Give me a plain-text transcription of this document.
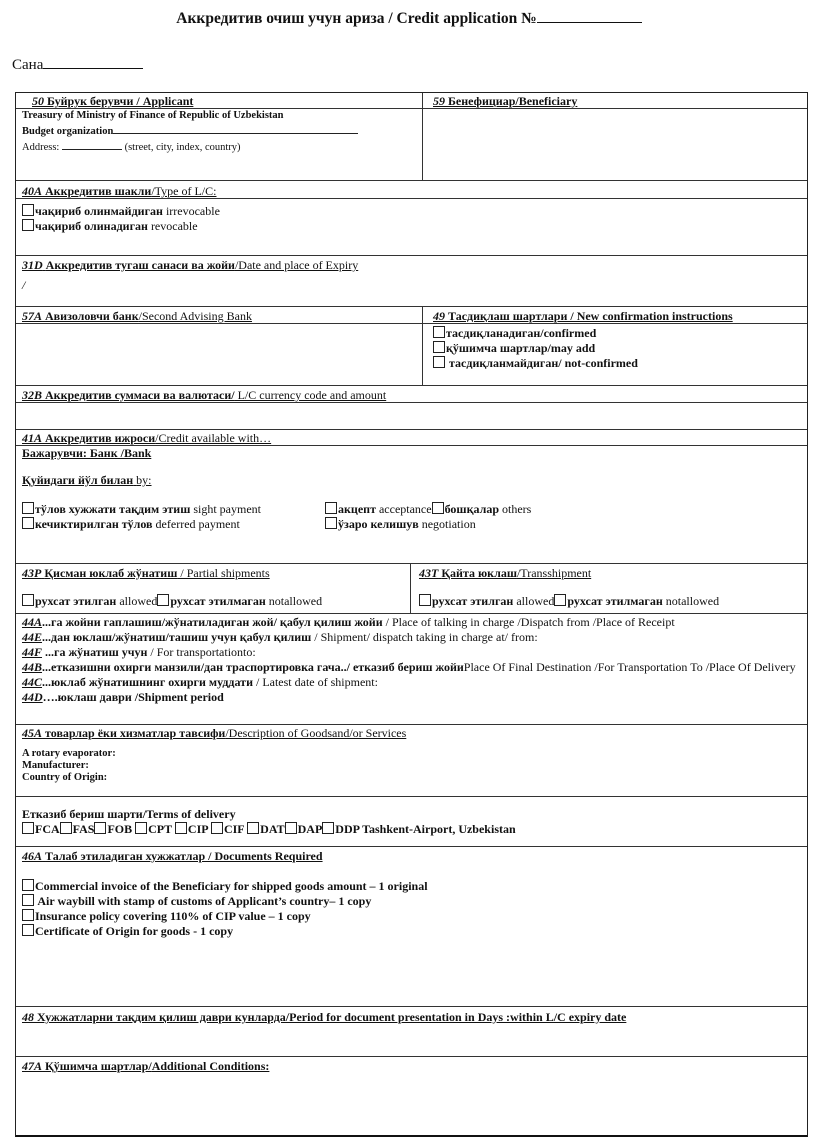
Аккредитив очиш учун ариза / Credit application №
Сана
50 Буйрук берувчи / Applicant
Treasury of Ministry of Finance of Republic of Uzbekistan
Budget organization
Address:	(street, city, index, country)
59 Бенефициар/Beneficiary
40A Аккредитив шакли/Type of L/C:
чақириб олинмайдиган irrevocable
чақириб олинадиган revocable
31D Аккредитив тугаш санаси ва жойи/Date and place of Expiry
/
57A Авизоловчи банк/Second Advising Bank	49 Тасдиқлаш шартлари / New confirmation instructions
тасдиқланадиган/confirmed
қўшимча шартлар/may add
тасдиқланмайдиган/ not-confirmed
32B Аккредитив суммаси ва валютаси/ L/C currency code and amount
41A Аккредитив ижроси/Credit available with…
Бажарувчи: Банк /Bank
Қуйидаги йўл билан by:
тўлов хужжати тақдим этиш sight payment	акцепт acceptance бошқалар others
кечиктирилган тўлов deferred payment	ўзаро келишув negotiation
43P Қисман юклаб жўнатиш / Partial shipments
рухсат этилган allowed рухсат этилмаган notallowed
43T Қайта юклаш/Transshipment
рухсат этилган allowed рухсат этилмаган notallowed
44A...га жойни гаплашиш/жўнатиладиган жой/ қабул қилиш жойи / Place of talking in charge /Dispatch from /Place of Receipt
44E...дан юклаш/жўнатиш/ташиш учун қабул қилиш / Shipment/ dispatch taking in charge at/ from:
44F ...га жўнатиш учун / For transportationto:
44B...етказишни охирги манзили/дан траспортировка гача../ етказиб бериш жойиPlace Of Final Destination /For Transportation To /Place Of Delivery
44C...юклаб жўнатишнинг охирги муддати / Latest date of shipment:
44D….юклаш даври /Shipment period
45A товарлар ёки хизматлар тавсифи/Description of Goodsand/or Services
A rotary evaporator:
Manufacturer:
Country of Origin:
Етказиб бериш шарти/Terms of delivery
FCA FAS FOB CPT CIP CIF DAT DAP DDP Tashkent-Airport, Uzbekistan
46A Талаб этиладиган хужжатлар / Documents Required
Commercial invoice of the Beneficiary for shipped goods amount – 1 original
Air waybill with stamp of customs of Applicant’s country– 1 copy
Insurance policy covering 110% of CIP value – 1 copy
Certificate of Origin for goods - 1 copy
48 Хужжатларни тақдим қилиш даври кунларда/Period for document presentation in Days :within L/C expiry date
47A Қўшимча шартлар/Additional Conditions:
